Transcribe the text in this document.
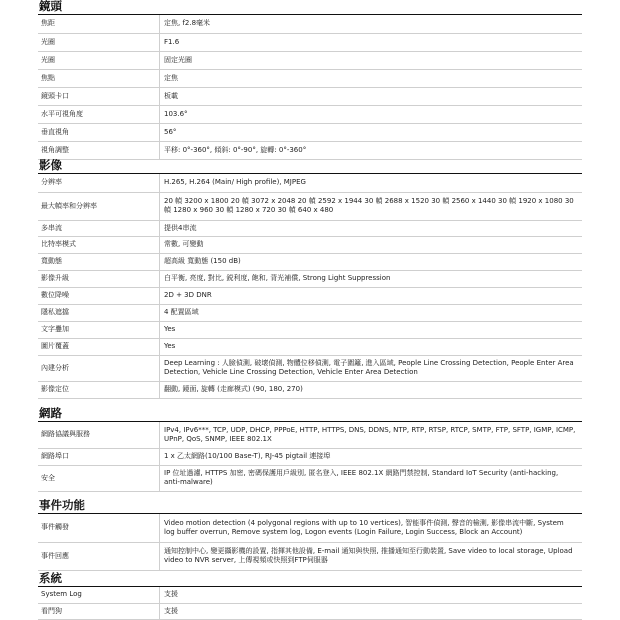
鏡頭
焦距	定焦, f2.8毫米

光圈	F1.6

光圈	固定光圈

焦點	定焦

鏡頭卡口	板載

水平可視角度	103.6°

垂直視角	56°

視角調整	平移: 0°-360°, 傾斜: 0°-90°, 旋轉: 0°-360°
影像
分辨率	H.265, H.264 (Main/ High profile), MJPEG

最大幀率和分辨率	20 幀 3200 x 1800 20 幀 3072 x 2048 20 幀 2592 x 1944 30 幀 2688 x 1520 30 幀 2560 x 1440 30 幀 1920 x 1080 30 幀 1280 x 960 30 幀 1280 x 720 30 幀 640 x 480

多串流	提供4串流

比特率模式	常數, 可變動

寬動態	超高級 寬動態 (150 dB)

影像升級	白平衡, 亮度, 對比, 鋭利度, 飽和, 背光補償, Strong Light Suppression

數位降噪	2D + 3D DNR

隱私遮擋	4 配置區域

文字疊加	Yes

圖片覆蓋	Yes

內建分析	Deep Learning : 人臉偵測, 破壞偵測, 物體位移偵測, 電子圍籬, 進入區域, People Line Crossing Detection, People Enter Area Detection, Vehicle Line Crossing Detection, Vehicle Enter Area Detection

影像定位	翻動, 鏡面, 旋轉 (走廊模式) (90, 180, 270)
網路
網路協議與服務	IPv4, IPv6***, TCP, UDP, DHCP, PPPoE, HTTP, HTTPS, DNS, DDNS, NTP, RTP, RTSP, RTCP, SMTP, FTP, SFTP, IGMP, ICMP, UPnP, QoS, SNMP, IEEE 802.1X

網路埠口	1 x 乙太網路(10/100 Base-T), RJ-45 pigtail 連接埠

安全	IP 位址過濾, HTTPS 加密, 密碼保護用戶級別, 匿名登入, IEEE 802.1X 網路門禁控制, Standard IoT Security (anti-hacking, anti-malware)
事件功能
事件觸發	Video motion detection (4 polygonal regions with up to 10 vertices), 智能事件偵測, 聲音的檢測, 影像串流中斷, System log buffer overrun, Remove system log, Logon events (Login Failure, Login Success, Block an Account)

事件回應	通知控制中心, 變更攝影機的設置, 指揮其他設備, E-mail 通知與快照, 推播通知至行動裝置, Save video to local storage, Upload video to NVR server, 上傳視頻或快照到FTP伺服器
系統
System Log	支援

看門狗	支援
